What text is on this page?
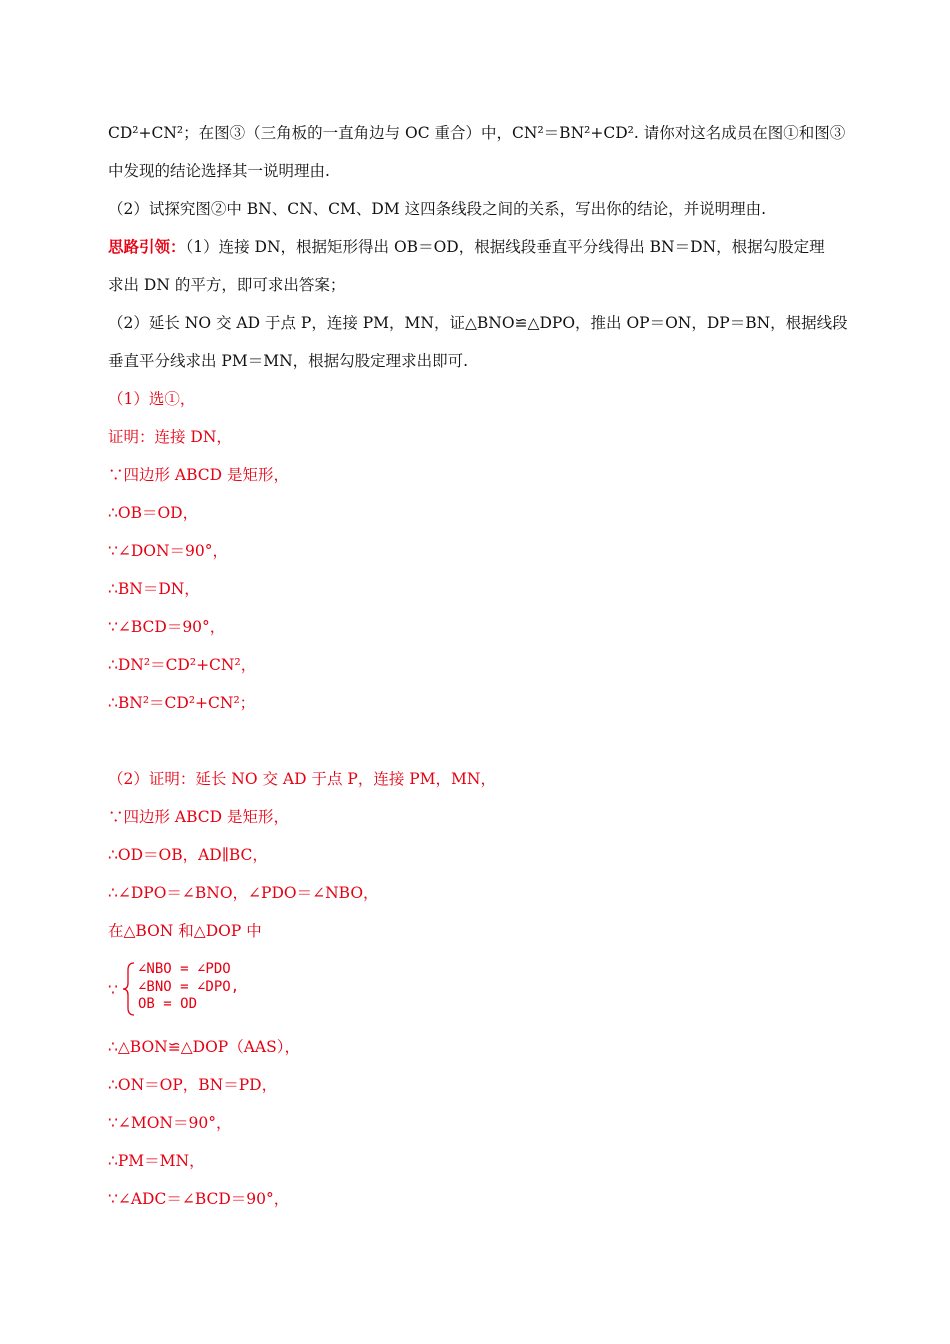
CD²+CN²；在图③（三角板的一直角边与 OC 重合）中，CN²＝BN²+CD². 请你对这名成员在图①和图③
中发现的结论选择其一说明理由.
（2）试探究图②中 BN、CN、CM、DM 这四条线段之间的关系，写出你的结论，并说明理由.
思路引领：（1）连接 DN，根据矩形得出 OB＝OD，根据线段垂直平分线得出 BN＝DN，根据勾股定理
求出 DN 的平方，即可求出答案；
（2）延长 NO 交 AD 于点 P，连接 PM，MN，证△BNO≌△DPO，推出 OP＝ON，DP＝BN，根据线段
垂直平分线求出 PM＝MN，根据勾股定理求出即可.
（1）选①，
证明：连接 DN，
∵四边形 ABCD 是矩形，
∴OB＝OD，
∵∠DON＝90°，
∴BN＝DN，
∵∠BCD＝90°，
∴DN²＝CD²+CN²，
∴BN²＝CD²+CN²；
（2）证明：延长 NO 交 AD 于点 P，连接 PM，MN，
∵四边形 ABCD 是矩形，
∴OD＝OB，AD∥BC，
∴∠DPO＝∠BNO，∠PDO＝∠NBO，
在△BON 和△DOP 中
∵
∠NBO = ∠PDO
∠BNO = ∠DPO,
OB = OD
∴△BON≌△DOP（AAS），
∴ON＝OP，BN＝PD，
∵∠MON＝90°，
∴PM＝MN，
∵∠ADC＝∠BCD＝90°，
